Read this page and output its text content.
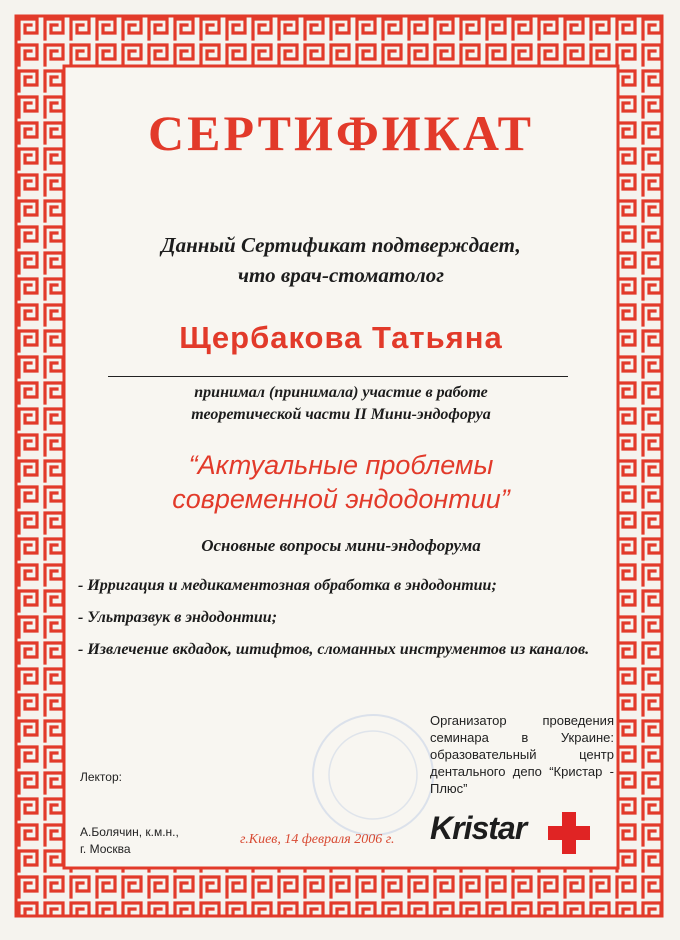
СЕРТИФИКАТ
Данный Сертификат подтверждает,
что врач-стоматолог
Щербакова Татьяна
принимал (принимала) участие в работе
теоретической части II Мини-эндофоруа
“Актуальные проблемы
современной эндодонтии”
Основные вопросы мини-эндофорума
- Ирригация и медикаментозная обработка в эндодонтии;
- Ультразвук в эндодонтии;
- Извлечение вкдадок, штифтов, сломанных инструментов из каналов.
Организатор проведения семинара в Украине: образовательный центр дентального депо “Кристар - Плюс”
Лектор:
А.Болячин, к.м.н.,
г. Москва
г.Киев, 14 февраля 2006 г. Kristar
